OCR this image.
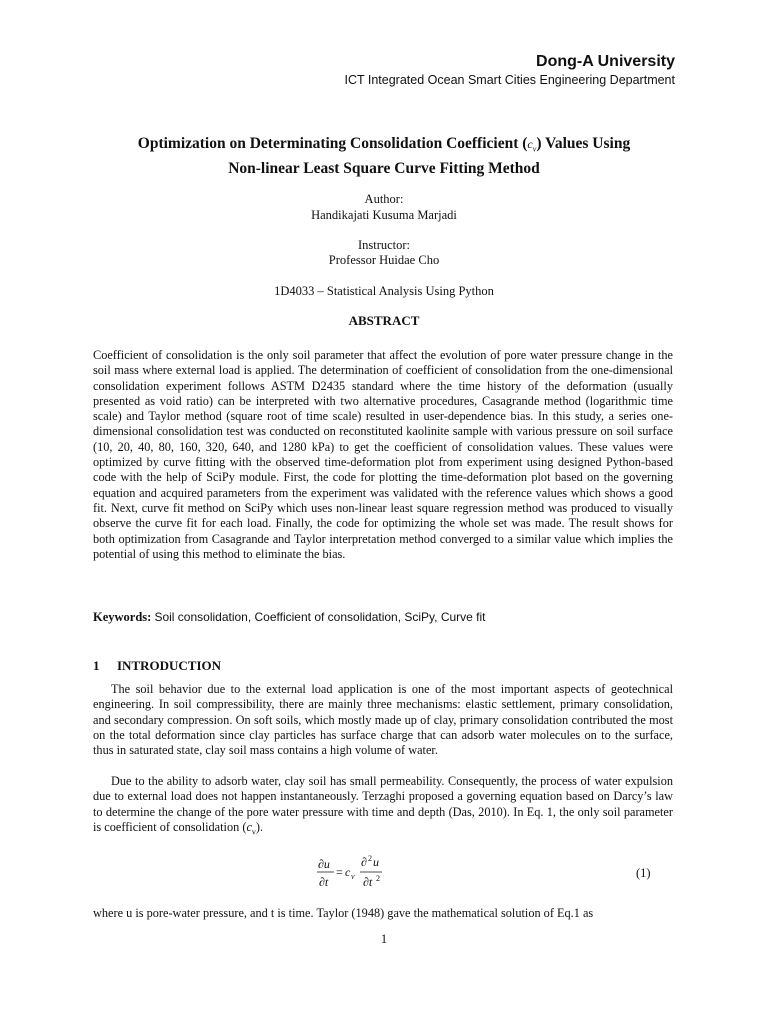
Dong-A University
ICT Integrated Ocean Smart Cities Engineering Department
Optimization on Determinating Consolidation Coefficient $(c_v)$ Values Using
Non-linear Least Square Curve Fitting Method
Author:
Handikajati Kusuma Marjadi
Instructor:
Professor Huidae Cho
1D4033 – Statistical Analysis Using Python
ABSTRACT

Coefficient of consolidation is the only soil parameter that affect the evolution of pore water pressure change in the soil mass where external load is applied. The determination of coefficient of consolidation from the one-dimensional consolidation experiment follows ASTM D2435 standard where the time history of the deformation (usually presented as void ratio) can be interpreted with two alternative procedures, Casagrande method (logarithmic time scale) and Taylor method (square root of time scale) resulted in user-dependence bias. In this study, a series one-dimensional consolidation test was conducted on reconstituted kaolinite sample with various pressure on soil surface (10, 20, 40, 80, 160, 320, 640, and 1280 kPa) to get the coefficient of consolidation values. These values were optimized by curve fitting with the observed time-deformation plot from experiment using designed Python-based code with the help of SciPy module. First, the code for plotting the time-deformation plot based on the governing equation and acquired parameters from the experiment was validated with the reference values which shows a good fit. Next, curve fit method on SciPy which uses non-linear least square regression method was produced to visually observe the curve fit for each load. Finally, the code for optimizing the whole set was made. The result shows for both optimization from Casagrande and Taylor interpretation method converged to a similar value which implies the potential of using this method to eliminate the bias.

Keywords: Soil consolidation, Coefficient of consolidation, SciPy, Curve fit
1 INTRODUCTION

The soil behavior due to the external load application is one of the most important aspects of geotechnical engineering. In soil compressibility, there are mainly three mechanisms: elastic settlement, primary consolidation, and secondary compression. On soft soils, which mostly made up of clay, primary consolidation contributed the most on the total deformation since clay particles has surface charge that can adsorb water molecules on to the surface, thus in saturated state, clay soil mass contains a high volume of water.

Due to the ability to adsorb water, clay soil has small permeability. Consequently, the process of water expulsion due to external load does not happen instantaneously. Terzaghi proposed a governing equation based on Darcy’s law to determine the change of the pore water pressure with time and depth (Das, 2010). In Eq. 1, the only soil parameter is coefficient of consolidation $(c_v)$.

∂u
∂t
= c v
∂ 2 u
∂t 2	(1)

where u is pore-water pressure, and t is time. Taylor (1948) gave the mathematical solution of Eq.1 as

1
